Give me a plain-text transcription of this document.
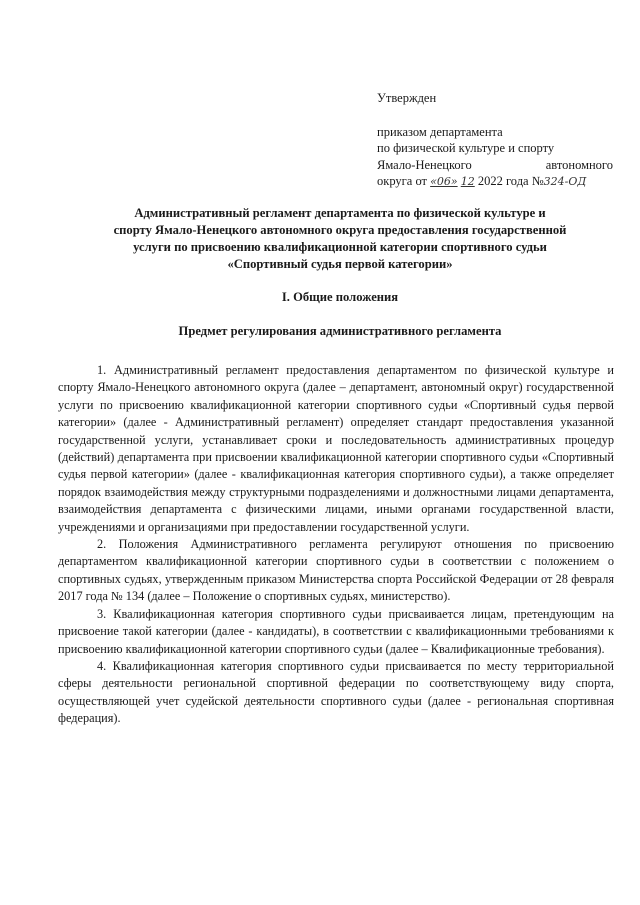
Утвержден
приказом департамента
по физической культуре и спорту
Ямало-Ненецкого автономного
округа от «06» 12 2022 года №324-ОД
Административный регламент департамента по физической культуре и
спорту Ямало-Ненецкого автономного округа предоставления государственной
услуги по присвоению квалификационной категории спортивного судьи
«Спортивный судья первой категории»
I. Общие положения
Предмет регулирования административного регламента

1. Административный регламент предоставления департаментом по физической культуре и спорту Ямало-Ненецкого автономного округа (далее – департамент, автономный округ) государственной услуги по присвоению квалификационной категории спортивного судьи «Спортивный судья первой категории» (далее - Административный регламент) определяет стандарт предоставления указанной государственной услуги, устанавливает сроки и последовательность административных процедур (действий) департамента при присвоении квалификационной категории спортивного судьи «Спортивный судья первой категории» (далее - квалификационная категория спортивного судьи), а также определяет порядок взаимодействия между структурными подразделениями и должностными лицами департамента, взаимодействия департамента с физическими лицами, иными органами государственной власти, учреждениями и организациями при предоставлении государственной услуги.

2. Положения Административного регламента регулируют отношения по присвоению департаментом квалификационной категории спортивного судьи в соответствии с положением о спортивных судьях, утвержденным приказом Министерства спорта Российской Федерации от 28 февраля 2017 года № 134 (далее – Положение о спортивных судьях, министерство).

3. Квалификационная категория спортивного судьи присваивается лицам, претендующим на присвоение такой категории (далее - кандидаты), в соответствии с квалификационными требованиями к присвоению квалификационной категории спортивного судьи (далее – Квалификационные требования).

4. Квалификационная категория спортивного судьи присваивается по месту территориальной сферы деятельности региональной спортивной федерации по соответствующему виду спорта, осуществляющей учет судейской деятельности спортивного судьи (далее - региональная спортивная федерация).
